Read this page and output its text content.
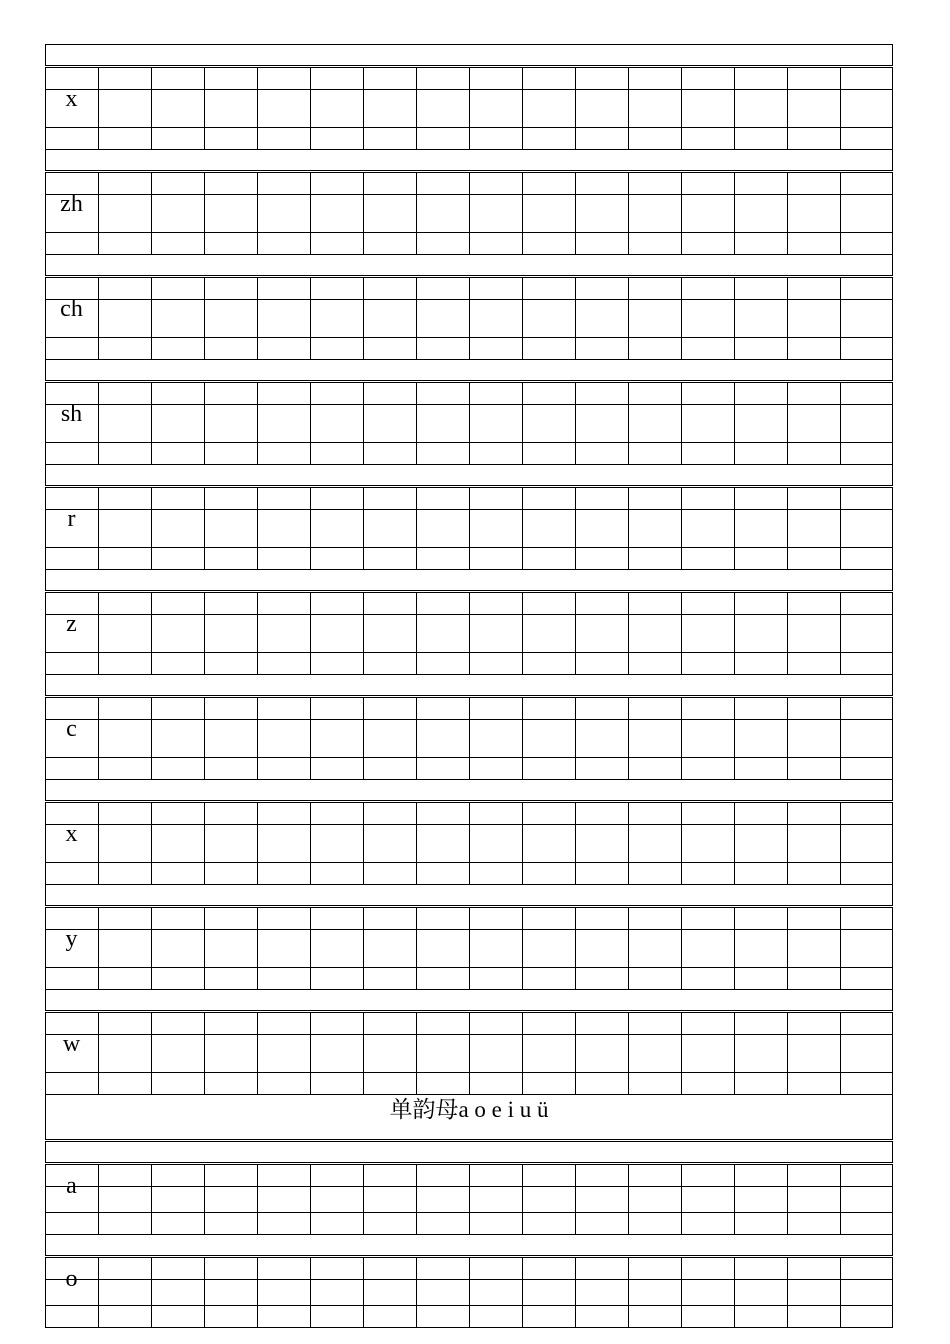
x
zh
ch
sh
r
z
c
x
y
w
单韵母a o e i u ü
a
o
